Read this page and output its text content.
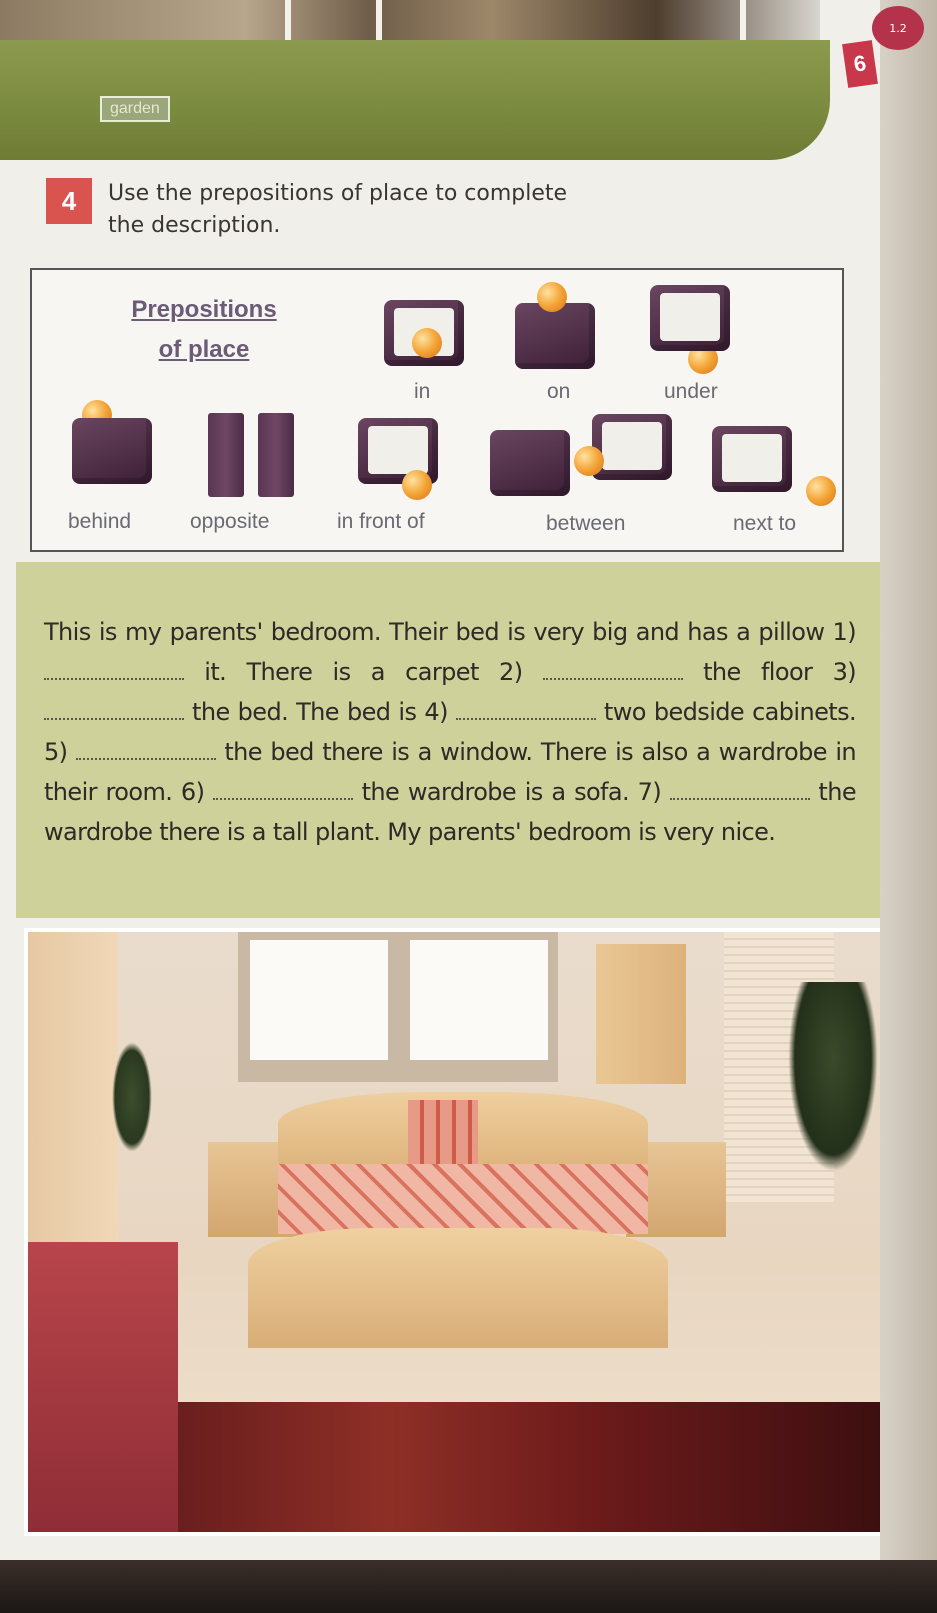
garden
4	Use the prepositions of place to complete
the description.
Prepositions
of place
in	on	under
behind	opposite	in front of	between	next to
This is my parents' bedroom. Their bed is very big and has a pillow 1)  it. There is a carpet 2)	the floor 3)  the bed. The bed is 4)	two bedside cabinets. 5)	the bed there is a window. There is also a wardrobe in their room. 6)	the wardrobe is a sofa. 7)	the wardrobe there is a tall plant. My parents' bedroom is very nice.
6
1.2
